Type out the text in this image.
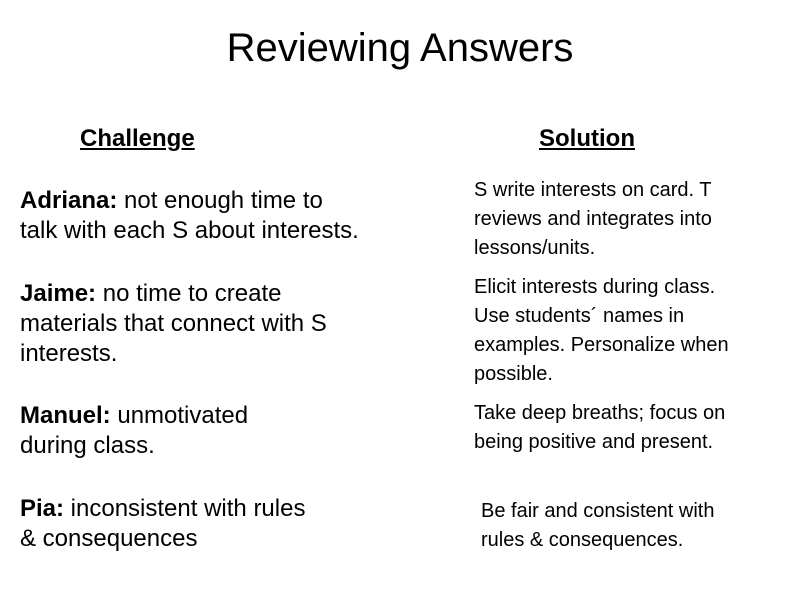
Reviewing Answers
Challenge	Solution
Adriana: not enough time to
talk with each S about interests.
S write interests on card. T
reviews and integrates into
lessons/units.
Jaime: no time to create
materials that connect with S
interests.
Elicit interests during class.
Use students´ names in
examples. Personalize when
possible.
Manuel: unmotivated
during class.
Take deep breaths; focus on
being positive and present.
Pia: inconsistent with rules
& consequences
Be fair and consistent with
rules & consequences.
